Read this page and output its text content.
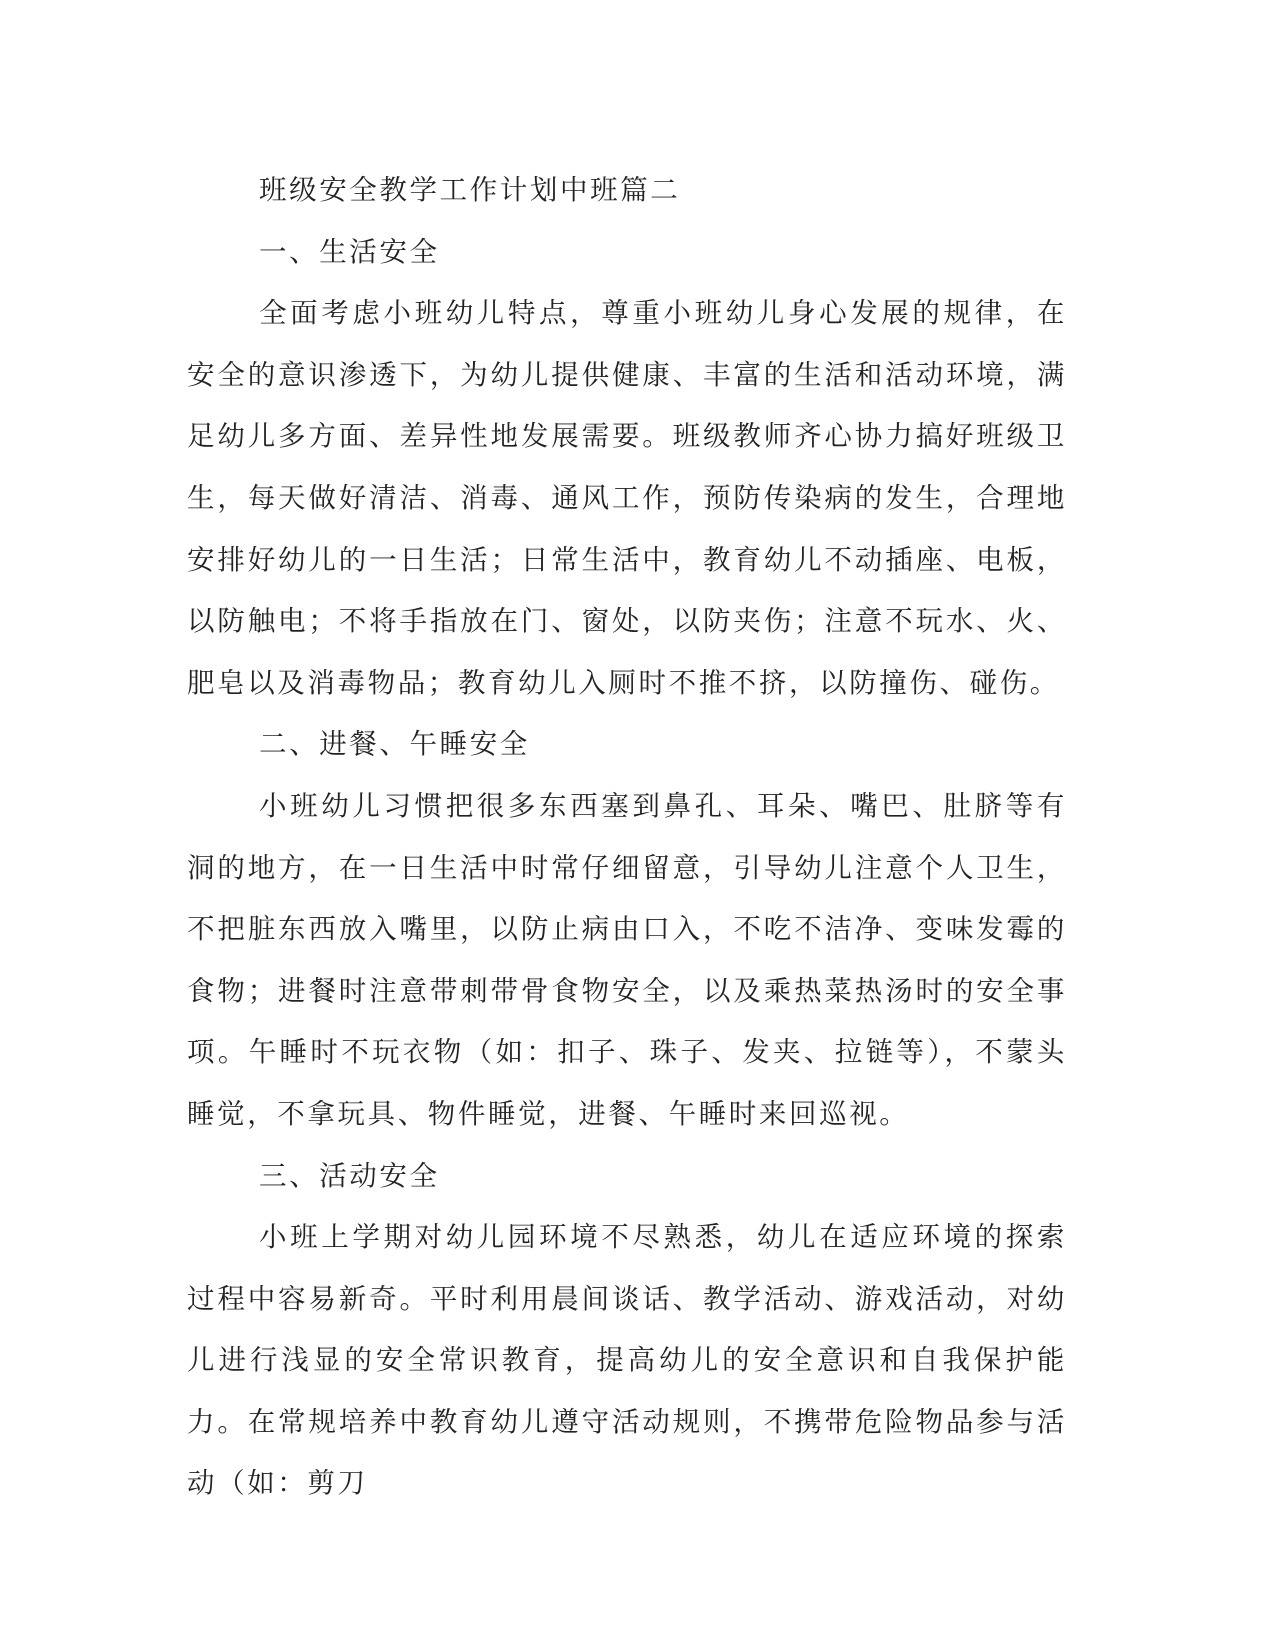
班级安全教学工作计划中班篇二

一、生活安全

全面考虑小班幼儿特点，尊重小班幼儿身心发展的规律，在安全的意识渗透下，为幼儿提供健康、丰富的生活和活动环境，满足幼儿多方面、差异性地发展需要。班级教师齐心协力搞好班级卫生，每天做好清洁、消毒、通风工作，预防传染病的发生，合理地安排好幼儿的一日生活；日常生活中，教育幼儿不动插座、电板，以防触电；不将手指放在门、窗处，以防夹伤；注意不玩水、火、肥皂以及消毒物品；教育幼儿入厕时不推不挤，以防撞伤、碰伤。

二、进餐、午睡安全

小班幼儿习惯把很多东西塞到鼻孔、耳朵、嘴巴、肚脐等有洞的地方，在一日生活中时常仔细留意，引导幼儿注意个人卫生，不把脏东西放入嘴里，以防止病由口入，不吃不洁净、变味发霉的食物；进餐时注意带刺带骨食物安全，以及乘热菜热汤时的安全事项。午睡时不玩衣物（如：扣子、珠子、发夹、拉链等），不蒙头睡觉，不拿玩具、物件睡觉，进餐、午睡时来回巡视。

三、活动安全

小班上学期对幼儿园环境不尽熟悉，幼儿在适应环境的探索过程中容易新奇。平时利用晨间谈话、教学活动、游戏活动，对幼儿进行浅显的安全常识教育，提高幼儿的安全意识和自我保护能力。在常规培养中教育幼儿遵守活动规则，不携带危险物品参与活动（如：剪刀
